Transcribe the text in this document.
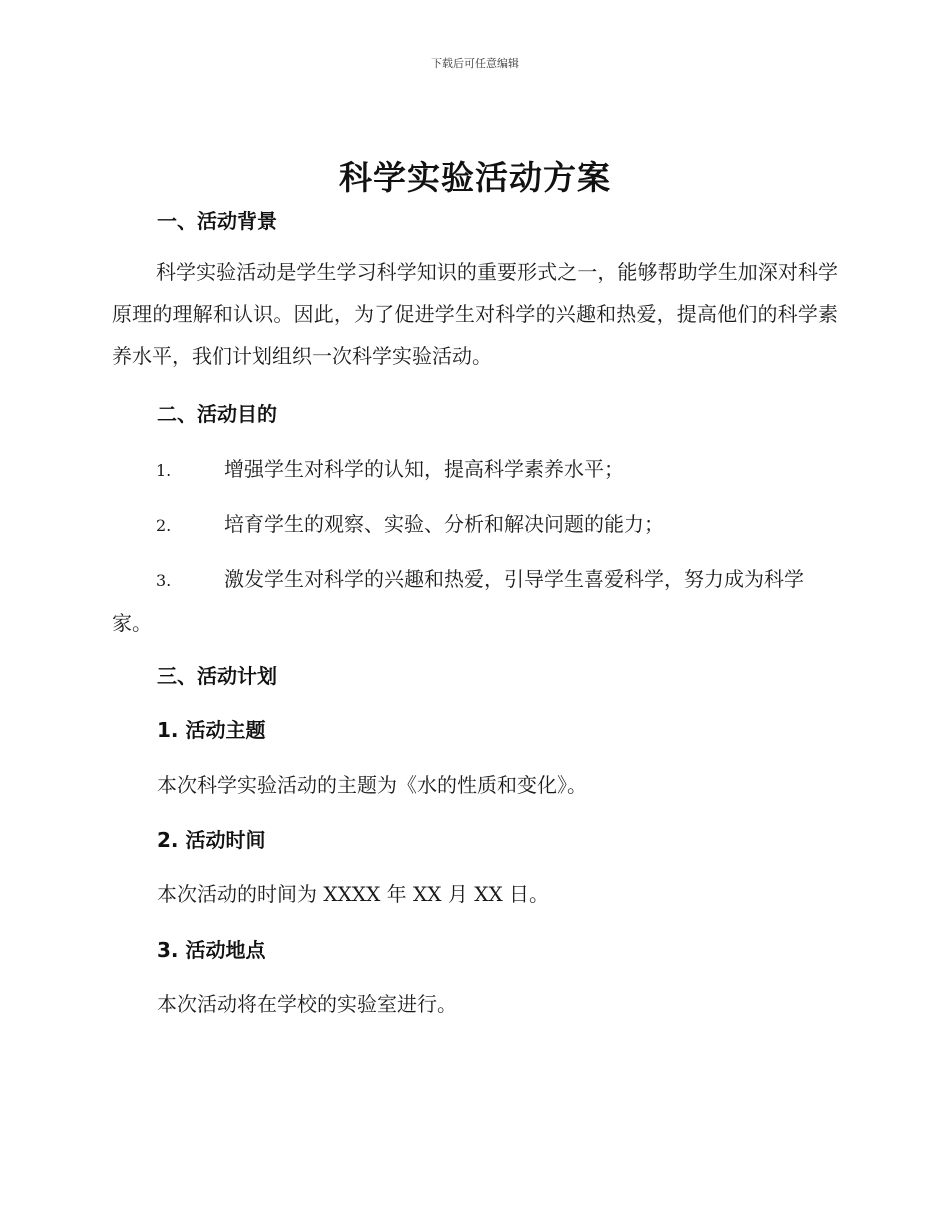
下载后可任意编辑
科学实验活动方案
一、活动背景
科学实验活动是学生学习科学知识的重要形式之一，能够帮助学生加深对科学原理的理解和认识。因此，为了促进学生对科学的兴趣和热爱，提高他们的科学素养水平，我们计划组织一次科学实验活动。
二、活动目的
1.	增强学生对科学的认知，提高科学素养水平；
2.	培育学生的观察、实验、分析和解决问题的能力；
3.	激发学生对科学的兴趣和热爱，引导学生喜爱科学，努力成为科学家。
三、活动计划
1. 活动主题
本次科学实验活动的主题为《水的性质和变化》。
2. 活动时间
本次活动的时间为 XXXX 年 XX 月 XX 日。
3. 活动地点
本次活动将在学校的实验室进行。
